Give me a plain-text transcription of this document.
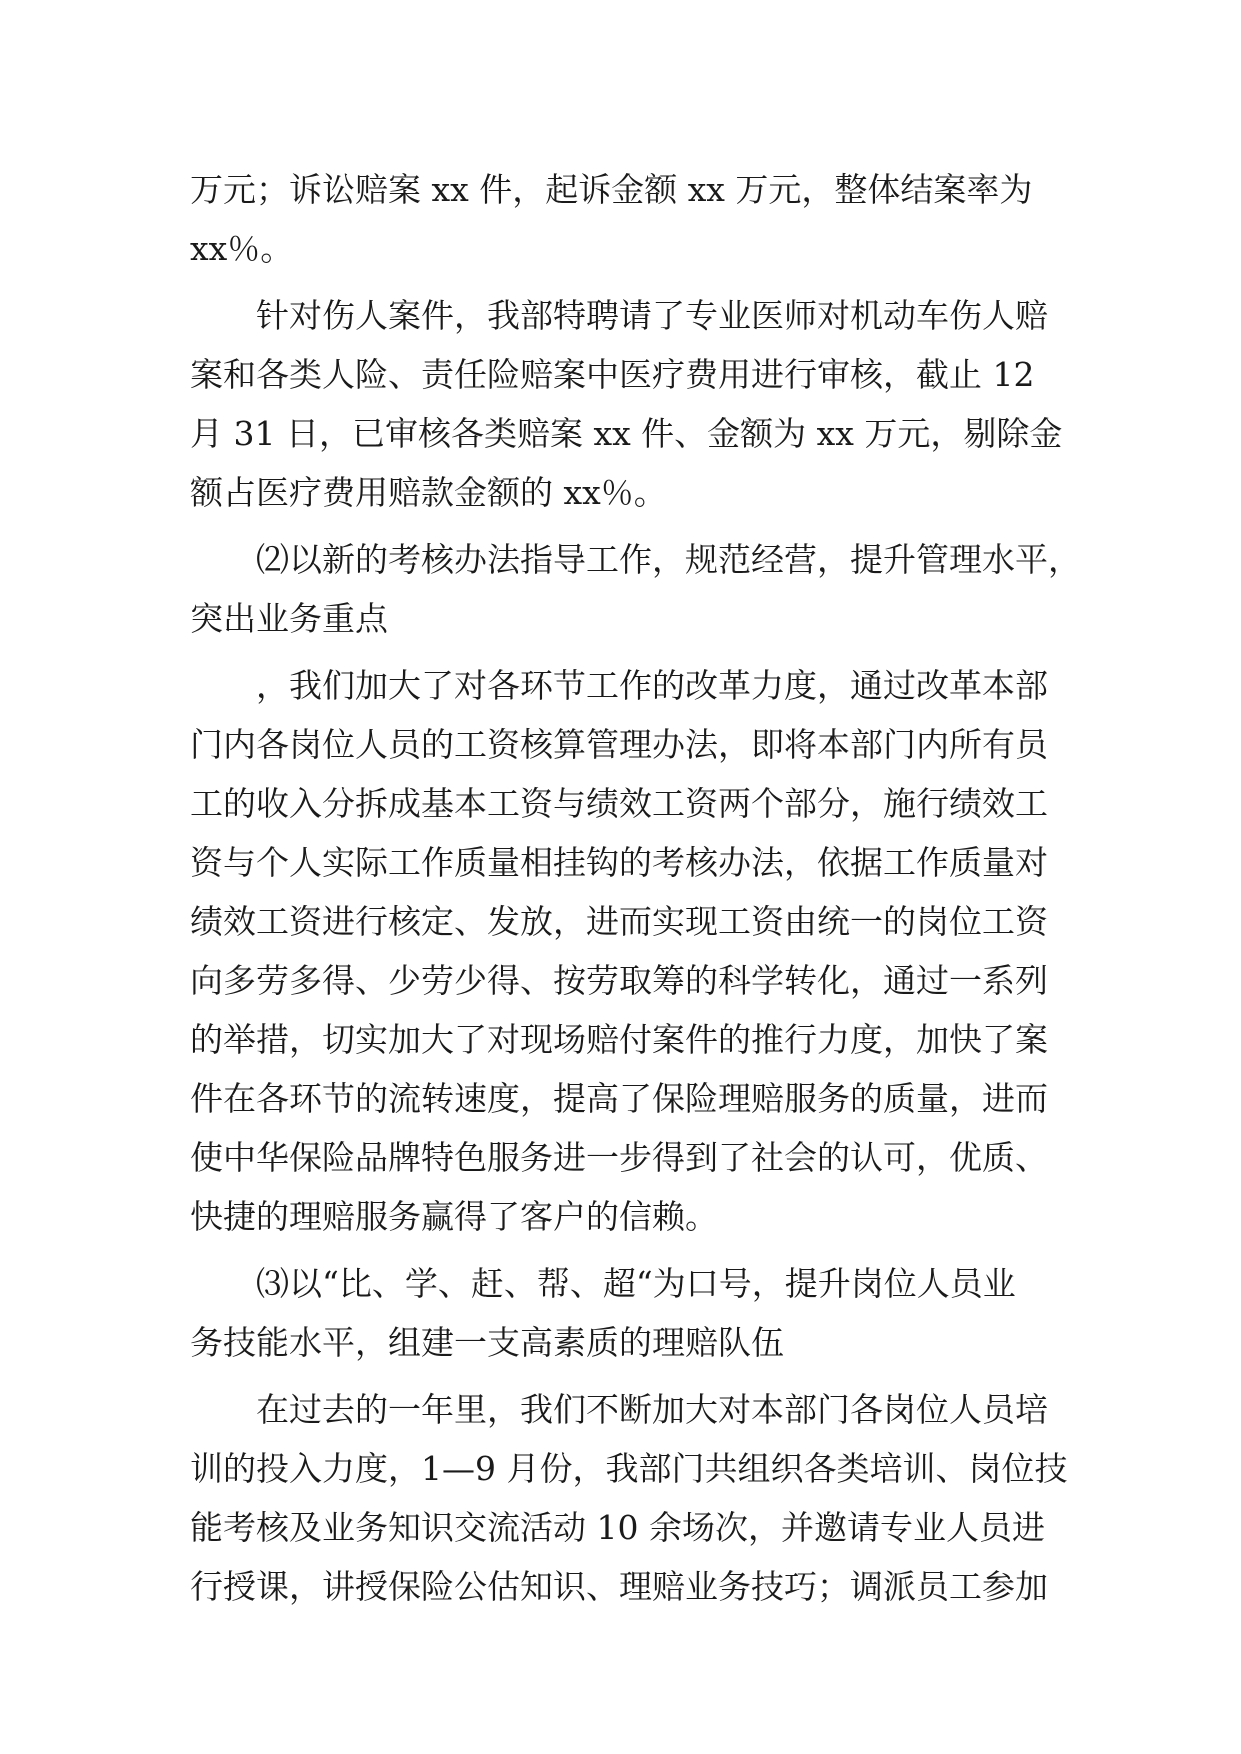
万元；诉讼赔案 xx 件，起诉金额 xx 万元，整体结案率为
xx％。
针对伤人案件，我部特聘请了专业医师对机动车伤人赔
案和各类人险、责任险赔案中医疗费用进行审核，截止 12
月 31 日，已审核各类赔案 xx 件、金额为 xx 万元，剔除金
额占医疗费用赔款金额的 xx％。
⑵以新的考核办法指导工作，规范经营，提升管理水平，
突出业务重点
，我们加大了对各环节工作的改革力度，通过改革本部
门内各岗位人员的工资核算管理办法，即将本部门内所有员
工的收入分拆成基本工资与绩效工资两个部分，施行绩效工
资与个人实际工作质量相挂钩的考核办法，依据工作质量对
绩效工资进行核定、发放，进而实现工资由统一的岗位工资
向多劳多得、少劳少得、按劳取筹的科学转化，通过一系列
的举措，切实加大了对现场赔付案件的推行力度，加快了案
件在各环节的流转速度，提高了保险理赔服务的质量，进而
使中华保险品牌特色服务进一步得到了社会的认可，优质、
快捷的理赔服务赢得了客户的信赖。
⑶以“比、学、赶、帮、超“为口号，提升岗位人员业
务技能水平，组建一支高素质的理赔队伍
在过去的一年里，我们不断加大对本部门各岗位人员培
训的投入力度，1—9 月份，我部门共组织各类培训、岗位技
能考核及业务知识交流活动 10 余场次，并邀请专业人员进
行授课，讲授保险公估知识、理赔业务技巧；调派员工参加
